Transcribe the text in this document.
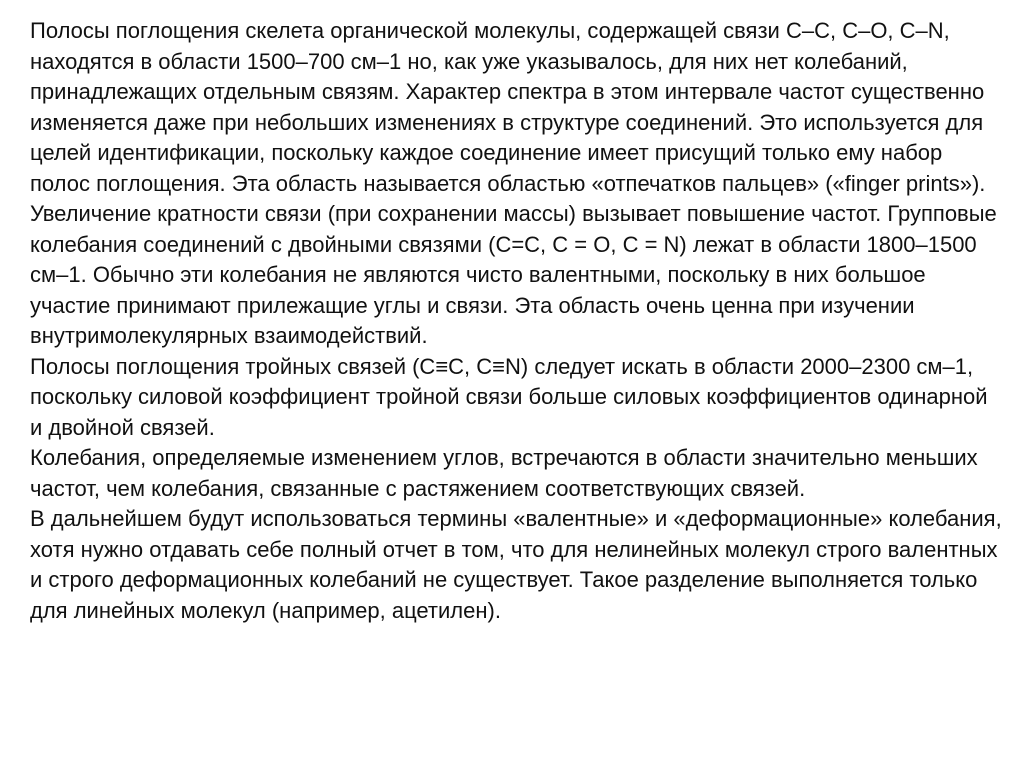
Полосы поглощения скелета органической молекулы, содержащей связи С–С, С–О, С–N, находятся в области 1500–700 см–1 но, как уже указывалось, для них нет колебаний, принадлежащих отдельным связям. Характер спектра в этом интервале частот существенно изменяется даже при небольших изменениях в структуре соединений. Это используется для целей идентификации, поскольку каждое соединение имеет присущий только ему набор полос поглощения. Эта область называется областью «отпечатков пальцев» («finger prints»).

Увеличение кратности связи (при сохранении массы) вызывает повышение частот. Групповые колебания соединений с двойными связями (С=С, С = О, С = N) лежат в области 1800–1500 см–1. Обычно эти колебания не являются чисто валентными, поскольку в них большое участие принимают прилежащие углы и связи. Эта область очень ценна при изучении внутримолекулярных взаимодействий.

Полосы поглощения тройных связей (С≡С, С≡N) следует искать в области 2000–2300 см–1, поскольку силовой коэффициент тройной связи больше силовых коэффициентов одинарной и двойной связей.

Колебания, определяемые изменением углов, встречаются в области значительно меньших частот, чем колебания, связанные с растяжением соответствующих связей.

В дальнейшем будут использоваться термины «валентные» и «деформационные» колебания, хотя нужно отдавать себе полный отчет в том, что для нелинейных молекул строго валентных и строго деформационных колебаний не существует. Такое разделение выполняется только для линейных молекул (например, ацетилен).
